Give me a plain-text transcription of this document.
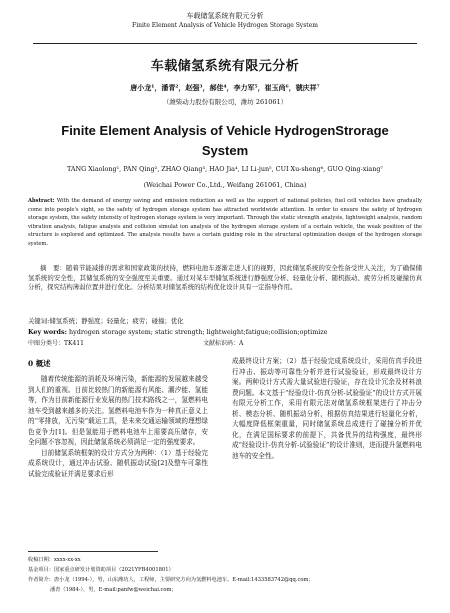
车载储氢系统有限元分析
Finite Element Analysis of Vehicle Hydrogen Storage System
车载储氢系统有限元分析
唐小龙¹，潘青²，赵强³，郝佳⁴，李力军⁵，崔玉尚⁶，虢庆祥⁷
（潍柴动力股份有限公司，潍坊 261061）
Finite Element Analysis of Vehicle HydrogenStrorage System
TANG Xiaolong¹, PAN Qing², ZHAO Qiang³, HAO Jia⁴, LI Li-jun⁵, CUI Xu-sheng⁶, GUO Qing-xiang⁷
(Weichai Power Co.,Ltd., Weifang 261061, China)
Abstract: With the demand of energy saving and emission reduction as well as the support of national policies, fuel cell vehicles have gradually come into people's sight, so the safety of hydrogen storage system has attracted worldwide attention. In order to ensure the safety of hydrogen storage system, the safety intensity of hydrogen storage system is very important. Through the static strength analysis, lightweight analysis, random vibration analysis, fatigue analysis and collision simulat ion analysis of the hydrogen storage system of a certain vehicle, the weak position of the structure is explored and optimized. The analysis results have a certain guiding role in the structural optimization design of the hydrogen storage system.
摘　要：随着节能减排的需求和国家政策的扶持，燃料电池车逐渐走进人们的视野，因此储氢系统的安全性备受世人关注，为了确保储氢系统的安全性，其储氢系统的安全强度至关重要。通过对某车型储氢系统进行静强度分析、轻量化分析、随机振动、疲劳分析及碰撞仿真分析，探究结构薄弱位置并进行优化。分析结果对储氢系统的结构优化设计具有一定指导作用。
关键词:储氢系统；静强度；轻量化；疲劳；碰撞；优化
Key words: hydrogen storage system; static strength; lightweight;fatigue;collision;optimize
中图分类号：TK411	文献标识码：A
0 概述

随着传统能源的消耗及环境污染，新能源的发展越来越受到人们的重视。目前比较热门的新能源有风能、潮汐能、氢能等，作为目前新能源行业发展的热门技术路线之一，氢燃料电池车受到越来越多的关注。氢燃料电池车作为一种真正意义上的“零排放，无污染”载运工具，是未来交通运输领域的理想绿色竞争力[1]。但是氢能用于燃料电池车上需要高压储存，安全问题不容忽视，因此储氢系统必须满足一定的强度要求。

目前储氢系统框架的设计方式分为两种：（1）基于经验完成系统设计，通过冲击试验、随机振动试验[2]及整车可靠性试验完成验证并满足要求后形

成最终设计方案；（2）基于经验完成系统设计，采用仿真手段进行冲击、振动等可靠性分析并进行试验验证，形成最终设计方案。两种设计方式需大量试验进行验证，存在设计冗余及材料浪费问题。本文基于“经验设计-仿真分析-试验验证”的设计方式开展有限元分析工作，采用有限元法对储氢系统框架进行了冲击分析、模态分析、随机振动分析，根据仿真结果进行轻量化分析，大幅度降低框架重量，同时储氢系统总成进行了碰撞分析并优化，在满足国标要求的前提下，共备优异的结构强度，最终形成“经验设计-仿真分析-试验验证”的设计准则，进而提升氢燃料电池车的安全性。

收稿日期：xxxx-xx-xx
基金项目：国家重点研发计划资助项目（2021YFB4001801）
作者简介：唐小龙（1994-），男，山东潍坊人，工程师，主要研究方向为氢燃料电池车。E-mail:1433583742@qq.com；
潘青（1984-），男，E-mail:panfw@weichai.com；
